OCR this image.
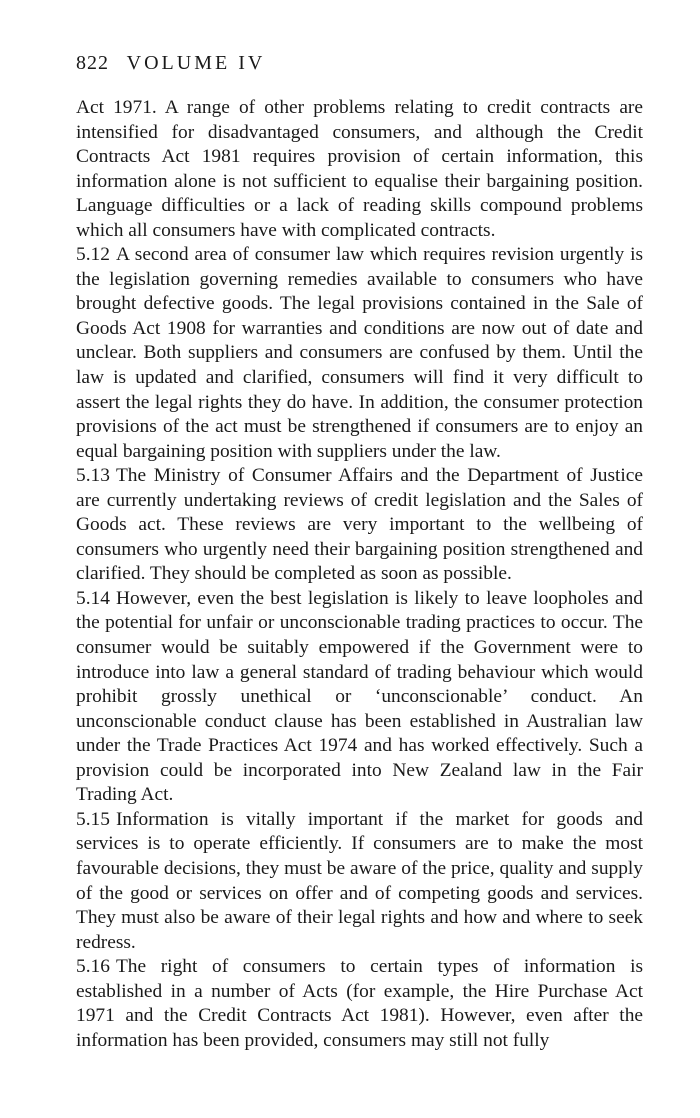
822 VOLUME IV

Act 1971. A range of other problems relating to credit contracts are intensified for disadvantaged consumers, and although the Credit Contracts Act 1981 requires provision of certain information, this information alone is not sufficient to equalise their bargaining position. Language difficulties or a lack of reading skills compound problems which all consumers have with complicated contracts.

5.12 A second area of consumer law which requires revision urgently is the legislation governing remedies available to consumers who have brought defective goods. The legal provisions contained in the Sale of Goods Act 1908 for warranties and conditions are now out of date and unclear. Both suppliers and consumers are confused by them. Until the law is updated and clarified, consumers will find it very difficult to assert the legal rights they do have. In addition, the consumer protection provisions of the act must be strengthened if consumers are to enjoy an equal bargaining position with suppliers under the law.

5.13 The Ministry of Consumer Affairs and the Department of Justice are currently undertaking reviews of credit legislation and the Sales of Goods act. These reviews are very important to the wellbeing of consumers who urgently need their bargaining position strengthened and clarified. They should be completed as soon as possible.

5.14 However, even the best legislation is likely to leave loopholes and the potential for unfair or unconscionable trading practices to occur. The consumer would be suitably empowered if the Government were to introduce into law a general standard of trading behaviour which would prohibit grossly unethical or ‘unconscionable’ conduct. An unconscionable conduct clause has been established in Australian law under the Trade Practices Act 1974 and has worked effectively. Such a provision could be incorporated into New Zealand law in the Fair Trading Act.

5.15 Information is vitally important if the market for goods and services is to operate efficiently. If consumers are to make the most favourable decisions, they must be aware of the price, quality and supply of the good or services on offer and of competing goods and services. They must also be aware of their legal rights and how and where to seek redress.

5.16 The right of consumers to certain types of information is established in a number of Acts (for example, the Hire Purchase Act 1971 and the Credit Contracts Act 1981). However, even after the information has been provided, consumers may still not fully
